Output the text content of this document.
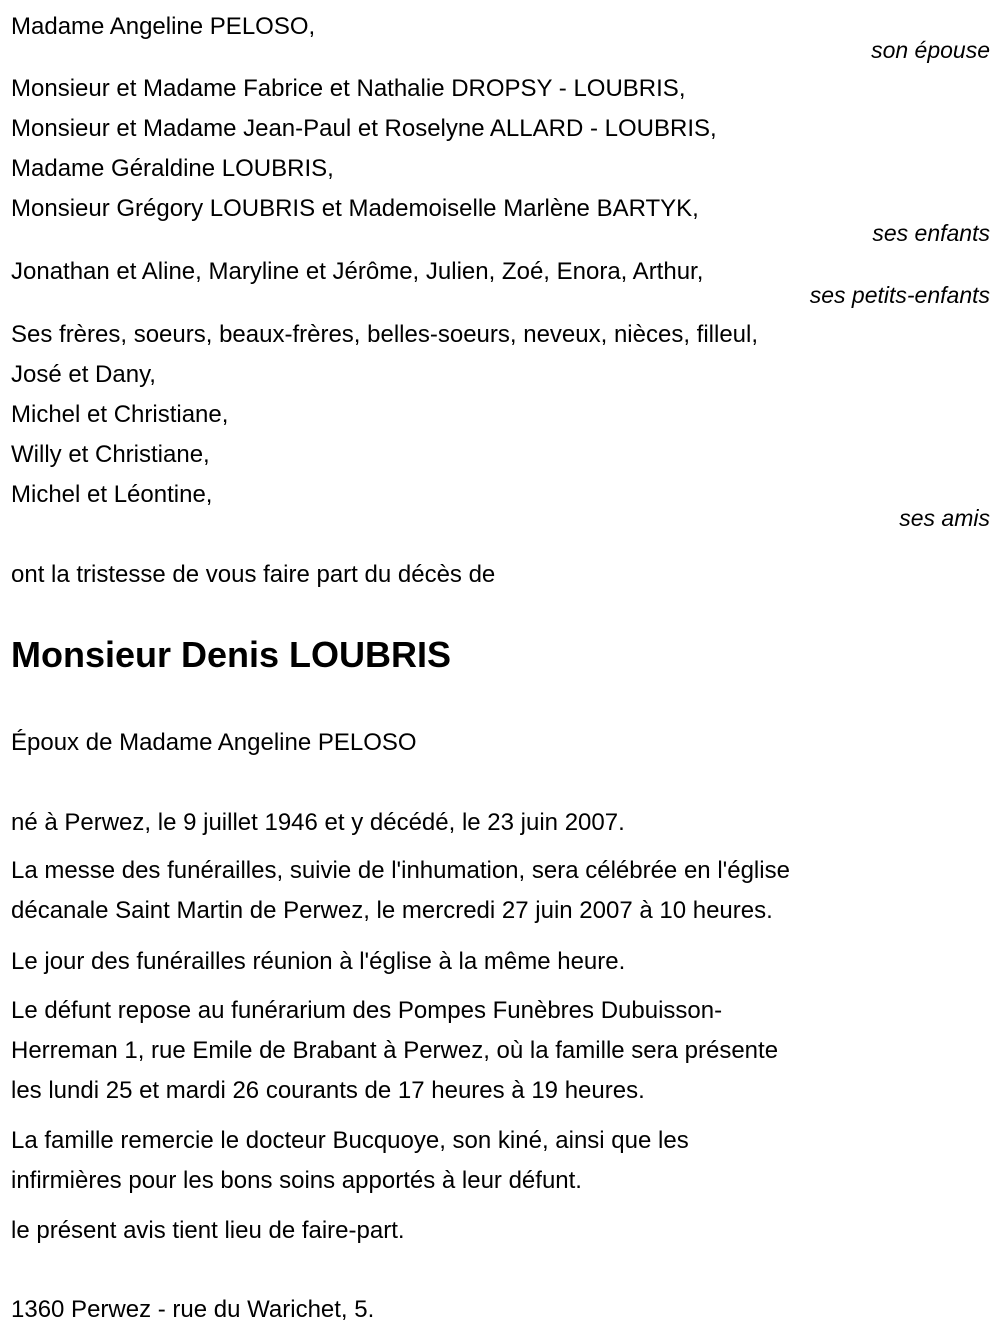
Madame Angeline PELOSO,
son épouse
Monsieur et Madame Fabrice et Nathalie DROPSY - LOUBRIS,
Monsieur et Madame Jean-Paul et Roselyne ALLARD - LOUBRIS,
Madame Géraldine LOUBRIS,
Monsieur Grégory LOUBRIS et Mademoiselle Marlène BARTYK,
ses enfants
Jonathan et Aline, Maryline et Jérôme, Julien, Zoé, Enora, Arthur,
ses petits-enfants
Ses frères, soeurs, beaux-frères, belles-soeurs, neveux, nièces, filleul,
José et Dany,
Michel et Christiane,
Willy et Christiane,
Michel et Léontine,
ses amis
ont la tristesse de vous faire part du décès de
Monsieur Denis LOUBRIS
Époux de Madame Angeline PELOSO
né à Perwez, le 9 juillet 1946 et y décédé, le 23 juin 2007.
La messe des funérailles, suivie de l'inhumation, sera célébrée en l'église
décanale Saint Martin de Perwez, le mercredi 27 juin 2007 à 10 heures.
Le jour des funérailles réunion à l'église à la même heure.
Le défunt repose au funérarium des Pompes Funèbres Dubuisson-
Herreman 1, rue Emile de Brabant à Perwez, où la famille sera présente
les lundi 25 et mardi 26 courants de 17 heures à 19 heures.
La famille remercie le docteur Bucquoye, son kiné, ainsi que les
infirmières pour les bons soins apportés à leur défunt.
le présent avis tient lieu de faire-part.
1360 Perwez - rue du Warichet, 5.
